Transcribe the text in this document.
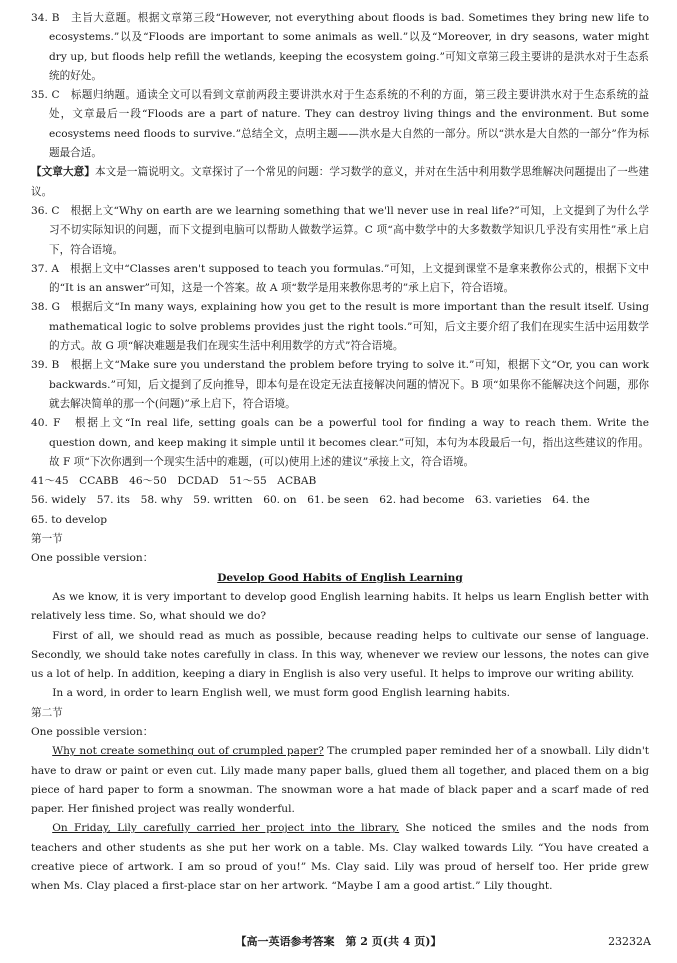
34. B　主旨大意题。根据文章第三段“However, not everything about floods is bad. Sometimes they bring new life to ecosystems.”以及“Floods are important to some animals as well.”以及“Moreover, in dry seasons, water might dry up, but floods help refill the wetlands, keeping the ecosystem going.”可知文章第三段主要讲的是洪水对于生态系统的好处。

35. C　标题归纳题。通读全文可以看到文章前两段主要讲洪水对于生态系统的不利的方面，第三段主要讲洪水对于生态系统的益处，文章最后一段“Floods are a part of nature. They can destroy living things and the environment. But some ecosystems need floods to survive.”总结全文，点明主题——洪水是大自然的一部分。所以“洪水是大自然的一部分”作为标题最合适。

【文章大意】本文是一篇说明文。文章探讨了一个常见的问题：学习数学的意义，并对在生活中利用数学思维解决问题提出了一些建议。

36. C　根据上文“Why on earth are we learning something that we'll never use in real life?”可知，上文提到了为什么学习不切实际知识的问题，而下文提到电脑可以帮助人做数学运算。C 项“高中数学中的大多数数学知识几乎没有实用性”承上启下，符合语境。

37. A　根据上文中“Classes aren't supposed to teach you formulas.”可知，上文提到课堂不是拿来教你公式的，根据下文中的“It is an answer”可知，这是一个答案。故 A 项“数学是用来教你思考的”承上启下，符合语境。

38. G　根据后文“In many ways, explaining how you get to the result is more important than the result itself. Using mathematical logic to solve problems provides just the right tools.”可知，后文主要介绍了我们在现实生活中运用数学的方式。故 G 项“解决难题是我们在现实生活中利用数学的方式”符合语境。

39. B　根据上文“Make sure you understand the problem before trying to solve it.”可知，根据下文“Or, you can work backwards.”可知，后文提到了反向推导，即本句是在设定无法直接解决问题的情况下。B 项“如果你不能解决这个问题，那你就去解决简单的那一个(问题)”承上启下，符合语境。

40. F　根据上文“In real life, setting goals can be a powerful tool for finding a way to reach them. Write the question down, and keep making it simple until it becomes clear.”可知，本句为本段最后一句，指出这些建议的作用。故 F 项“下次你遇到一个现实生活中的难题，(可以)使用上述的建议”承接上文，符合语境。

41～45　CCABB　46～50　DCDAD　51～55　ACBAB

56. widely　57. its　58. why　59. written　60. on　61. be seen　62. had become　63. varieties　64. the

65. to develop

第一节

One possible version：

Develop Good Habits of English Learning

As we know, it is very important to develop good English learning habits. It helps us learn English better with relatively less time. So, what should we do?

First of all, we should read as much as possible, because reading helps to cultivate our sense of language. Secondly, we should take notes carefully in class. In this way, whenever we review our lessons, the notes can give us a lot of help. In addition, keeping a diary in English is also very useful. It helps to improve our writing ability.

In a word, in order to learn English well, we must form good English learning habits.

第二节

One possible version：

Why not create something out of crumpled paper? The crumpled paper reminded her of a snowball. Lily didn't have to draw or paint or even cut. Lily made many paper balls, glued them all together, and placed them on a big piece of hard paper to form a snowman. The snowman wore a hat made of black paper and a scarf made of red paper. Her finished project was really wonderful.

On Friday, Lily carefully carried her project into the library. She noticed the smiles and the nods from teachers and other students as she put her work on a table. Ms. Clay walked towards Lily. “You have created a creative piece of artwork. I am so proud of you!” Ms. Clay said. Lily was proud of herself too. Her pride grew when Ms. Clay placed a first-place star on her artwork. “Maybe I am a good artist.” Lily thought.

【高一英语参考答案　第 2 页(共 4 页)】	23232A
